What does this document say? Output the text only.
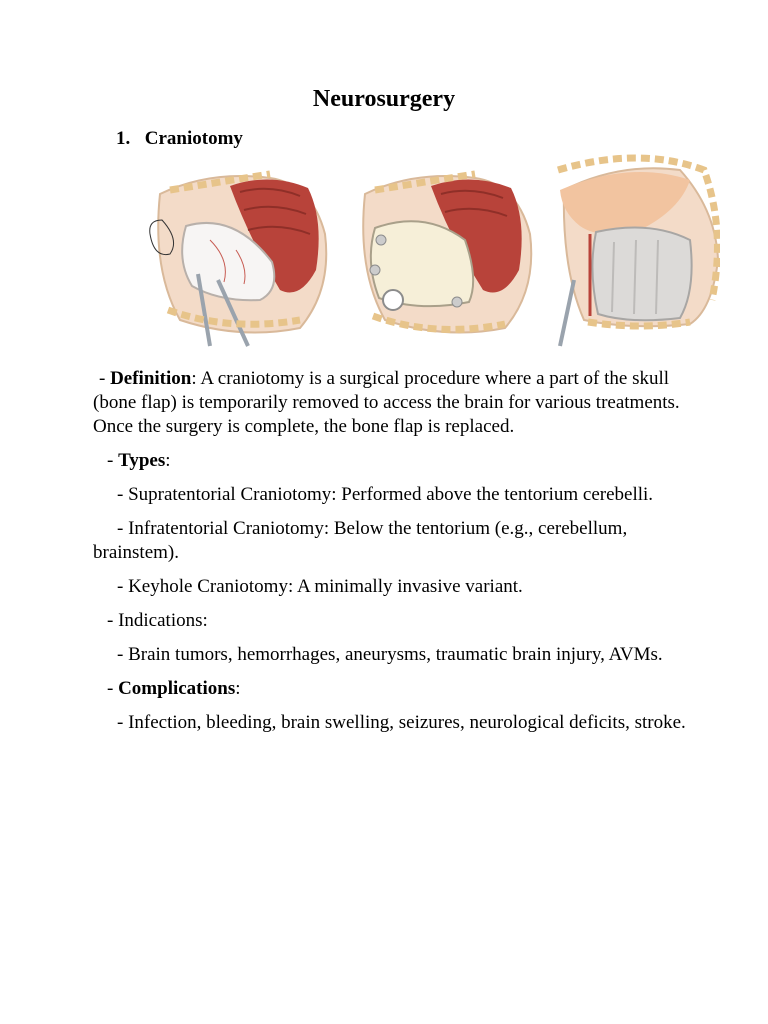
Neurosurgery
1. Craniotomy

- Definition: A craniotomy is a surgical procedure where a part of the skull (bone flap) is temporarily removed to access the brain for various treatments. Once the surgery is complete, the bone flap is replaced.

- Types:

- Supratentorial Craniotomy: Performed above the tentorium cerebelli.

- Infratentorial Craniotomy: Below the tentorium (e.g., cerebellum, brainstem).

- Keyhole Craniotomy: A minimally invasive variant.

- Indications:

- Brain tumors, hemorrhages, aneurysms, traumatic brain injury, AVMs.

- Complications:

- Infection, bleeding, brain swelling, seizures, neurological deficits, stroke.
